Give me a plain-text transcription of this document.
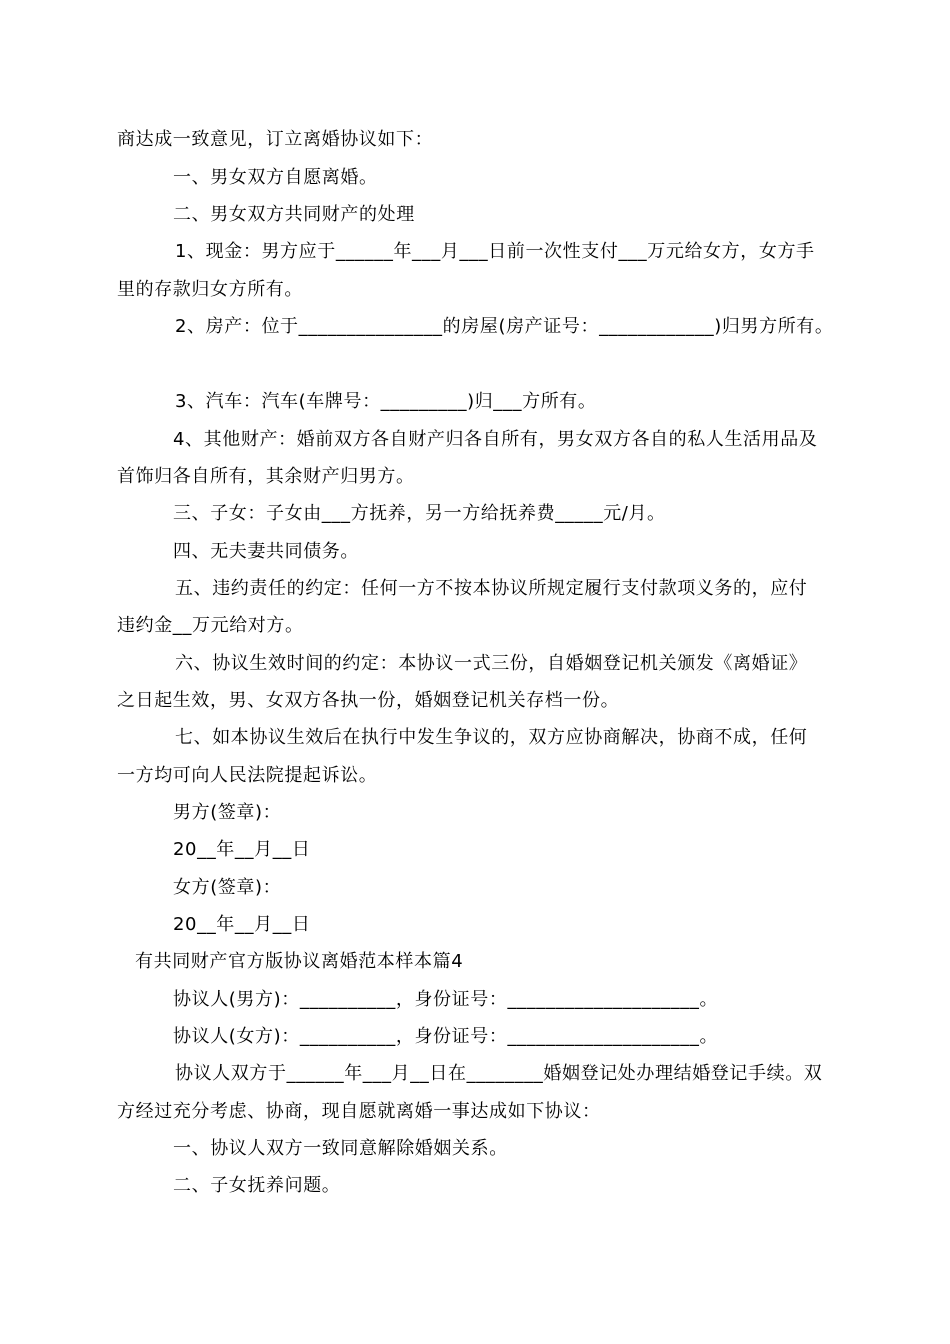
商达成一致意见，订立离婚协议如下：
一、男女双方自愿离婚。
二、男女双方共同财产的处理
1、现金：男方应于______年___月___日前一次性支付___万元给女方，女方手
里的存款归女方所有。
2、房产：位于_______________的房屋(房产证号：____________)归男方所有。
3、汽车：汽车(车牌号：_________)归___方所有。
4、其他财产：婚前双方各自财产归各自所有，男女双方各自的私人生活用品及
首饰归各自所有，其余财产归男方。
三、子女：子女由___方抚养，另一方给抚养费_____元/月。
四、无夫妻共同债务。
五、违约责任的约定：任何一方不按本协议所规定履行支付款项义务的，应付
违约金__万元给对方。
六、协议生效时间的约定：本协议一式三份，自婚姻登记机关颁发《离婚证》
之日起生效，男、女双方各执一份，婚姻登记机关存档一份。
七、如本协议生效后在执行中发生争议的，双方应协商解决，协商不成，任何
一方均可向人民法院提起诉讼。
男方(签章)：
20__年__月__日
女方(签章)：
20__年__月__日
有共同财产官方版协议离婚范本样本篇4
协议人(男方)：__________，身份证号：____________________。
协议人(女方)：__________，身份证号：____________________。
协议人双方于______年___月__日在________婚姻登记处办理结婚登记手续。双
方经过充分考虑、协商，现自愿就离婚一事达成如下协议：
一、协议人双方一致同意解除婚姻关系。
二、子女抚养问题。
